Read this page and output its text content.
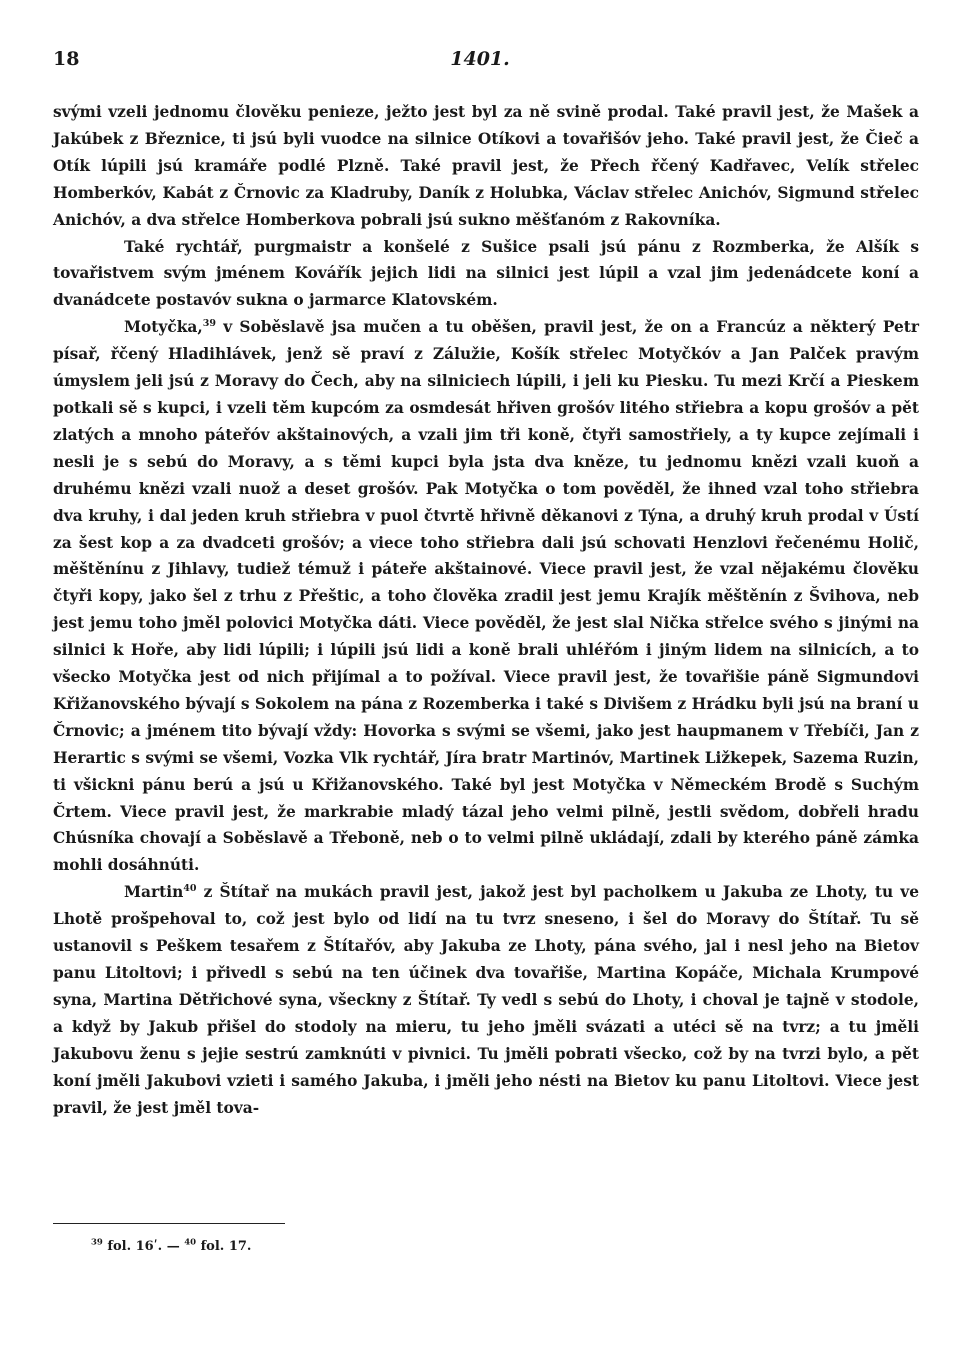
18	1401.

svými vzeli jednomu člověku penieze, ježto jest byl za ně svině prodal. Také pravil jest, že Mašek a Jakúbek z Březnice, ti jsú byli vuodce na silnice Otíkovi a tovařišóv jeho. Také pravil jest, že Čieč a Otík lúpili jsú kramáře podlé Plzně. Také pravil jest, že Přech řčený Kadřavec, Velík střelec Homberkóv, Kabát z Črnovic za Kladruby, Daník z Holubka, Václav střelec Anichóv, Sigmund střelec Anichóv, a dva střelce Homberkova pobrali jsú sukno měšťanóm z Rakovníka.

Také rychtář, purgmaistr a konšelé z Sušice psali jsú pánu z Rozmberka, že Alšík s tovařistvem svým jménem Kovářík jejich lidi na silnici jest lúpil a vzal jim jedenádcete koní a dvanádcete postavóv sukna o jarmarce Klatovském.

Motyčka,$^{39}$ v Soběslavě jsa mučen a tu oběšen, pravil jest, že on a Francúz a některý Petr písař, řčený Hladihlávek, jenž sě praví z Zálužie, Košík střelec Motyčkóv a Jan Palček pravým úmyslem jeli jsú z Moravy do Čech, aby na silniciech lúpili, i jeli ku Piesku. Tu mezi Krčí a Pieskem potkali sě s kupci, i vzeli těm kupcóm za osmdesát hřiven grošóv litého střiebra a kopu grošóv a pět zlatých a mnoho páteřóv akštainových, a vzali jim tři koně, čtyři samostřiely, a ty kupce zejímali i nesli je s sebú do Moravy, a s těmi kupci byla jsta dva kněze, tu jednomu knězi vzali kuoň a druhému knězi vzali nuož a deset grošóv. Pak Motyčka o tom pověděl, že ihned vzal toho střiebra dva kruhy, i dal jeden kruh střiebra v puol čtvrtě hřivně děkanovi z Týna, a druhý kruh prodal v Ústí za šest kop a za dvadceti grošóv; a viece toho střiebra dali jsú schovati Henzlovi řečenému Holič, měštěnínu z Jihlavy, tudiež témuž i páteře akštainové. Viece pravil jest, že vzal nějakému člověku čtyři kopy, jako šel z trhu z Přeštic, a toho člověka zradil jest jemu Krajík měštěnín z Švihova, neb jest jemu toho jměl polovici Motyčka dáti. Viece pověděl, že jest slal Nička střelce svého s jinými na silnici k Hoře, aby lidi lúpili; i lúpili jsú lidi a koně brali uhléřóm i jiným lidem na silnicích, a to všecko Motyčka jest od nich přijímal a to požíval. Viece pravil jest, že tovařišie páně Sigmundovi Křižanovského bývají s Sokolem na pána z Rozemberka i také s Divišem z Hrádku byli jsú na braní u Črnovic; a jménem tito bývají vždy: Hovorka s svými se všemi, jako jest haupmanem v Třebíči, Jan z Herartic s svými se všemi, Vozka Vlk rychtář, Jíra bratr Martinóv, Martinek Ližkepek, Sazema Ruzin, ti všickni pánu berú a jsú u Křižanovského. Také byl jest Motyčka v Německém Brodě s Suchým Črtem. Viece pravil jest, že markrabie mladý tázal jeho velmi pilně, jestli svědom, dobřeli hradu Chúsníka chovají a Soběslavě a Třeboně, neb o to velmi pilně ukládají, zdali by kterého páně zámka mohli dosáhnúti.

Martin$^{40}$ z Štítař na mukách pravil jest, jakož jest byl pacholkem u Jakuba ze Lhoty, tu ve Lhotě prošpehoval to, což jest bylo od lidí na tu tvrz sneseno, i šel do Moravy do Štítař. Tu sě ustanovil s Peškem tesařem z Štítařóv, aby Jakuba ze Lhoty, pána svého, jal i nesl jeho na Bietov panu Litoltovi; i přivedl s sebú na ten účinek dva tovařiše, Martina Kopáče, Michala Krumpové syna, Martina Dětřichové syna, všeckny z Štítař. Ty vedl s sebú do Lhoty, i choval je tajně v stodole, a když by Jakub přišel do stodoly na mieru, tu jeho jměli svázati a utéci sě na tvrz; a tu jměli Jakubovu ženu s jejie sestrú zamknúti v pivnici. Tu jměli pobrati všecko, což by na tvrzi bylo, a pět koní jměli Jakubovi vzieti i samého Jakuba, i jměli jeho nésti na Bietov ku panu Litoltovi. Viece jest pravil, že jest jměl tova-

$^{39}$ fol. 16ʹ. — $^{40}$ fol. 17.
